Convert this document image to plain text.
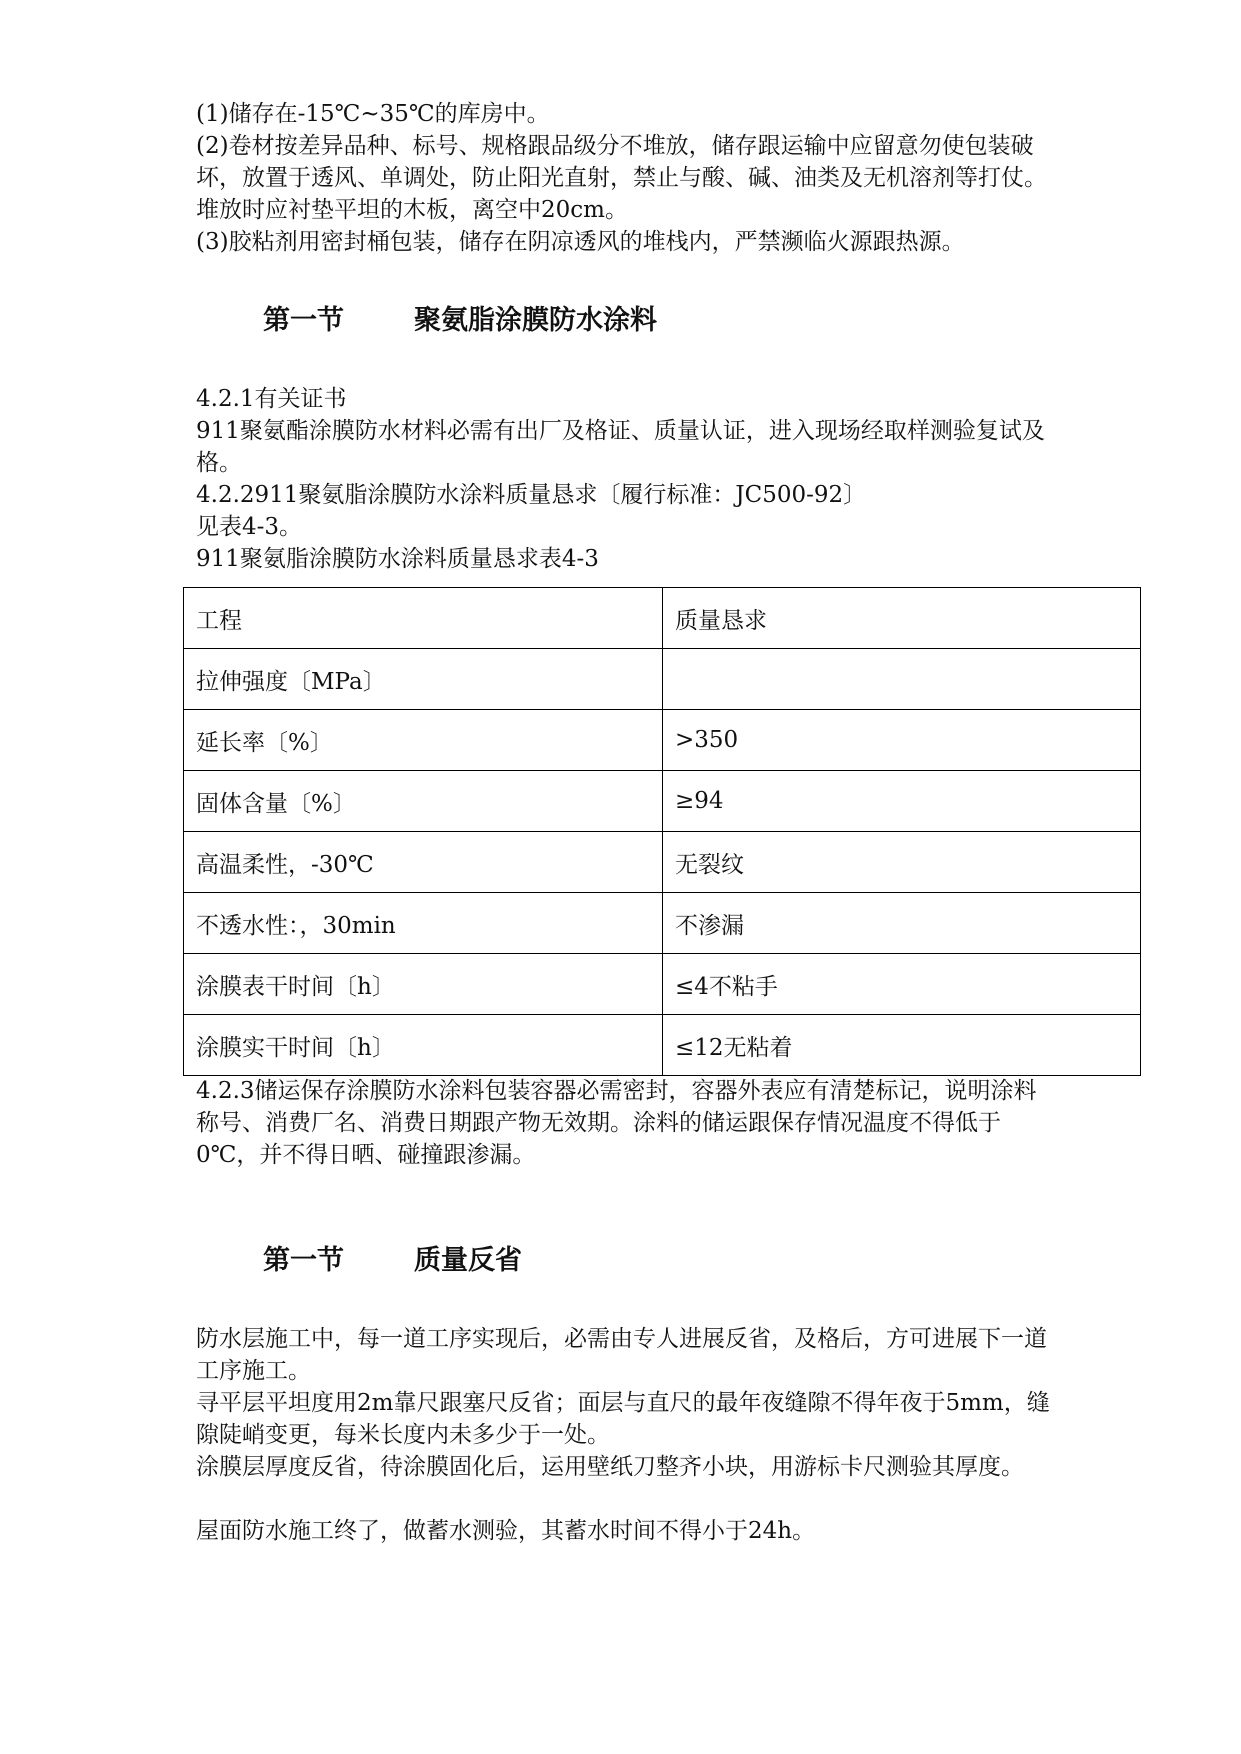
(1)储存在-15℃~35℃的库房中。

(2)卷材按差异品种、标号、规格跟品级分不堆放，储存跟运输中应留意勿使包装破坏，放置于透风、单调处，防止阳光直射，禁止与酸、碱、油类及无机溶剂等打仗。堆放时应衬垫平坦的木板，离空中20cm。

(3)胶粘剂用密封桶包装，储存在阴凉透风的堆栈内，严禁濒临火源跟热源。

第一节	聚氨脂涂膜防水涂料

4.2.1有关证书

911聚氨酯涂膜防水材料必需有出厂及格证、质量认证，进入现场经取样测验复试及格。

4.2.2911聚氨脂涂膜防水涂料质量恳求〔履行标准：JC500-92〕

见表4-3。

911聚氨脂涂膜防水涂料质量恳求表4-3

工程	质量恳求
拉伸强度〔MPa〕	
延长率〔%〕	>350
固体含量〔%〕	≥94
高温柔性，-30℃	无裂纹
不透水性：，30min	不渗漏
涂膜表干时间〔h〕	≤4不粘手
涂膜实干时间〔h〕	≤12无粘着

4.2.3储运保存涂膜防水涂料包装容器必需密封，容器外表应有清楚标记，说明涂料称号、消费厂名、消费日期跟产物无效期。涂料的储运跟保存情况温度不得低于0℃，并不得日晒、碰撞跟渗漏。

第一节	质量反省

防水层施工中，每一道工序实现后，必需由专人进展反省，及格后，方可进展下一道工序施工。

寻平层平坦度用2m靠尺跟塞尺反省；面层与直尺的最年夜缝隙不得年夜于5mm，缝隙陡峭变更，每米长度内未多少于一处。

涂膜层厚度反省，待涂膜固化后，运用壁纸刀整齐小块，用游标卡尺测验其厚度。

屋面防水施工终了，做蓄水测验，其蓄水时间不得小于24h。
